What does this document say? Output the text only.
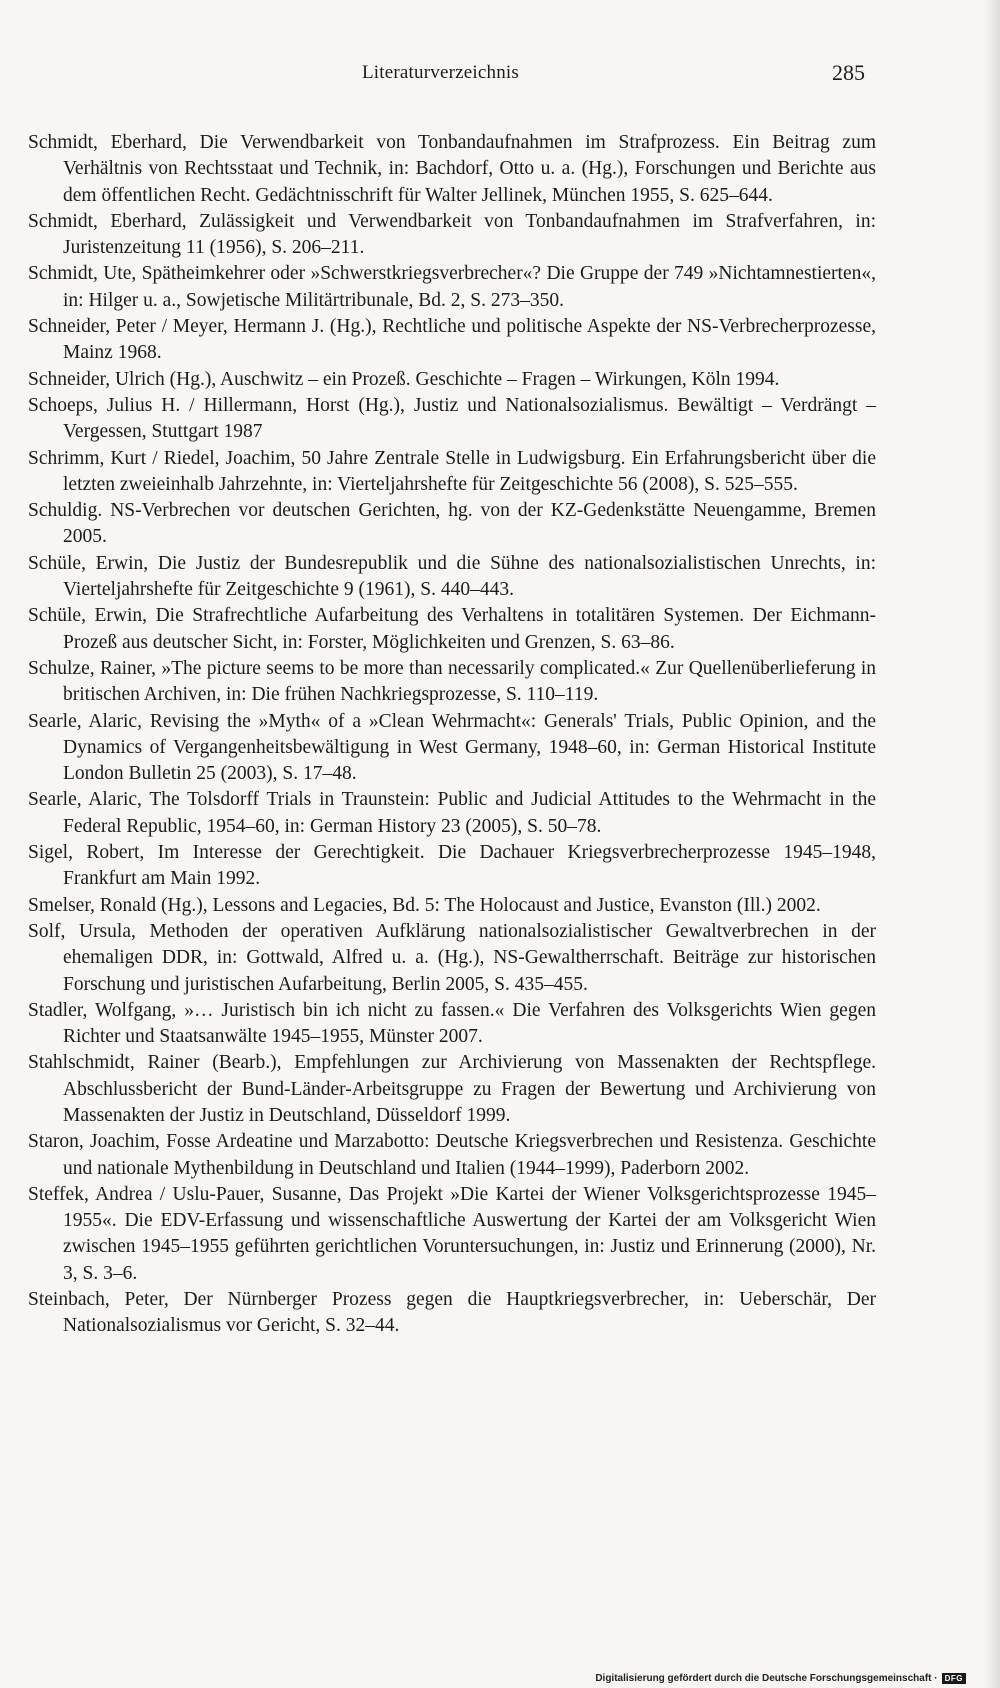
Literaturverzeichnis	285
Schmidt, Eberhard, Die Verwendbarkeit von Tonbandaufnahmen im Strafprozess. Ein Beitrag zum Verhältnis von Rechtsstaat und Technik, in: Bachdorf, Otto u. a. (Hg.), Forschungen und Berichte aus dem öffentlichen Recht. Gedächtnisschrift für Walter Jellinek, München 1955, S. 625–644.
Schmidt, Eberhard, Zulässigkeit und Verwendbarkeit von Tonbandaufnahmen im Strafverfahren, in: Juristenzeitung 11 (1956), S. 206–211.
Schmidt, Ute, Spätheimkehrer oder »Schwerstkriegsverbrecher«? Die Gruppe der 749 »Nichtamnestierten«, in: Hilger u. a., Sowjetische Militärtribunale, Bd. 2, S. 273–350.
Schneider, Peter / Meyer, Hermann J. (Hg.), Rechtliche und politische Aspekte der NS-Verbrecherprozesse, Mainz 1968.
Schneider, Ulrich (Hg.), Auschwitz – ein Prozeß. Geschichte – Fragen – Wirkungen, Köln 1994.
Schoeps, Julius H. / Hillermann, Horst (Hg.), Justiz und Nationalsozialismus. Bewältigt – Verdrängt – Vergessen, Stuttgart 1987
Schrimm, Kurt / Riedel, Joachim, 50 Jahre Zentrale Stelle in Ludwigsburg. Ein Erfahrungsbericht über die letzten zweieinhalb Jahrzehnte, in: Vierteljahrshefte für Zeitgeschichte 56 (2008), S. 525–555.
Schuldig. NS-Verbrechen vor deutschen Gerichten, hg. von der KZ-Gedenkstätte Neuengamme, Bremen 2005.
Schüle, Erwin, Die Justiz der Bundesrepublik und die Sühne des nationalsozialistischen Unrechts, in: Vierteljahrshefte für Zeitgeschichte 9 (1961), S. 440–443.
Schüle, Erwin, Die Strafrechtliche Aufarbeitung des Verhaltens in totalitären Systemen. Der Eichmann-Prozeß aus deutscher Sicht, in: Forster, Möglichkeiten und Grenzen, S. 63–86.
Schulze, Rainer, »The picture seems to be more than necessarily complicated.« Zur Quellenüberlieferung in britischen Archiven, in: Die frühen Nachkriegsprozesse, S. 110–119.
Searle, Alaric, Revising the »Myth« of a »Clean Wehrmacht«: Generals' Trials, Public Opinion, and the Dynamics of Vergangenheitsbewältigung in West Germany, 1948–60, in: German Historical Institute London Bulletin 25 (2003), S. 17–48.
Searle, Alaric, The Tolsdorff Trials in Traunstein: Public and Judicial Attitudes to the Wehrmacht in the Federal Republic, 1954–60, in: German History 23 (2005), S. 50–78.
Sigel, Robert, Im Interesse der Gerechtigkeit. Die Dachauer Kriegsverbrecherprozesse 1945–1948, Frankfurt am Main 1992.
Smelser, Ronald (Hg.), Lessons and Legacies, Bd. 5: The Holocaust and Justice, Evanston (Ill.) 2002.
Solf, Ursula, Methoden der operativen Aufklärung nationalsozialistischer Gewaltverbrechen in der ehemaligen DDR, in: Gottwald, Alfred u. a. (Hg.), NS-Gewaltherrschaft. Beiträge zur historischen Forschung und juristischen Aufarbeitung, Berlin 2005, S. 435–455.
Stadler, Wolfgang, »… Juristisch bin ich nicht zu fassen.« Die Verfahren des Volksgerichts Wien gegen Richter und Staatsanwälte 1945–1955, Münster 2007.
Stahlschmidt, Rainer (Bearb.), Empfehlungen zur Archivierung von Massenakten der Rechtspflege. Abschlussbericht der Bund-Länder-Arbeitsgruppe zu Fragen der Bewertung und Archivierung von Massenakten der Justiz in Deutschland, Düsseldorf 1999.
Staron, Joachim, Fosse Ardeatine und Marzabotto: Deutsche Kriegsverbrechen und Resistenza. Geschichte und nationale Mythenbildung in Deutschland und Italien (1944–1999), Paderborn 2002.
Steffek, Andrea / Uslu-Pauer, Susanne, Das Projekt »Die Kartei der Wiener Volksgerichtsprozesse 1945–1955«. Die EDV-Erfassung und wissenschaftliche Auswertung der Kartei der am Volksgericht Wien zwischen 1945–1955 geführten gerichtlichen Voruntersuchungen, in: Justiz und Erinnerung (2000), Nr. 3, S. 3–6.
Steinbach, Peter, Der Nürnberger Prozess gegen die Hauptkriegsverbrecher, in: Ueberschär, Der Nationalsozialismus vor Gericht, S. 32–44.
Digitalisierung gefördert durch die Deutsche Forschungsgemeinschaft · DFG
